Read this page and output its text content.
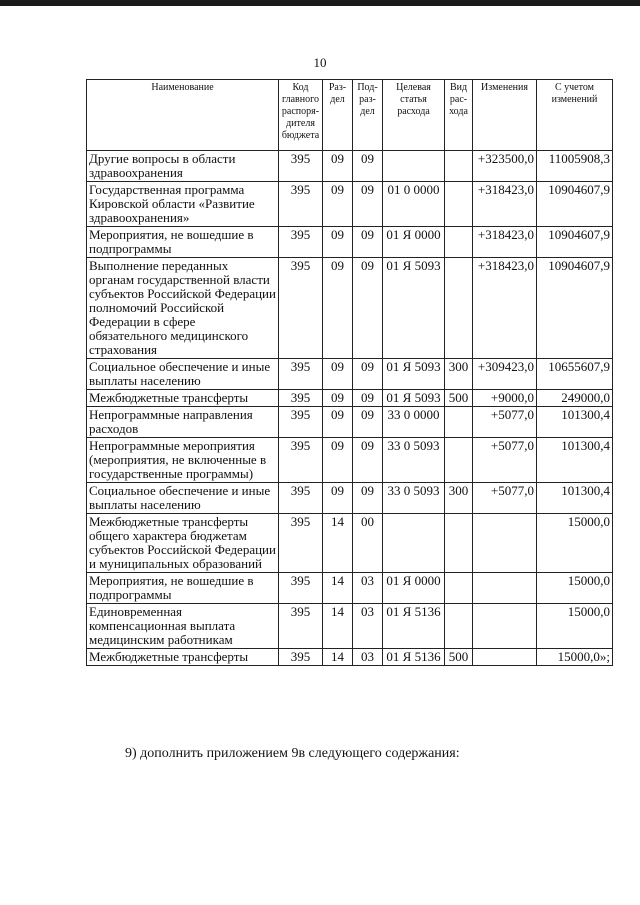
10
Наименование	Код главного распоря-дителя бюджета	Раз-дел	Под-раз-дел	Целевая статья расхода	Вид рас-хода	Изменения	С учетом изменений
Другие вопросы в области здравоохранения	395	09	09			+323500,0	11005908,3
Государственная программа Кировской области «Развитие здравоохранения»	395	09	09	01 0 0000		+318423,0	10904607,9
Мероприятия, не вошедшие в подпрограммы	395	09	09	01 Я 0000		+318423,0	10904607,9
Выполнение переданных органам государственной власти субъектов Российской Федерации полномочий Российской Федерации в сфере обязательного медицинского страхования	395	09	09	01 Я 5093		+318423,0	10904607,9
Социальное обеспечение и иные выплаты населению	395	09	09	01 Я 5093	300	+309423,0	10655607,9
Межбюджетные трансферты	395	09	09	01 Я 5093	500	+9000,0	249000,0
Непрограммные направления расходов	395	09	09	33 0 0000		+5077,0	101300,4
Непрограммные мероприятия (мероприятия, не включенные в государственные программы)	395	09	09	33 0 5093		+5077,0	101300,4
Социальное обеспечение и иные выплаты населению	395	09	09	33 0 5093	300	+5077,0	101300,4
Межбюджетные трансферты общего характера бюджетам субъектов Российской Федерации и муниципальных образований	395	14	00				15000,0
Мероприятия, не вошедшие в подпрограммы	395	14	03	01 Я 0000			15000,0
Единовременная компенсационная выплата медицинским работникам	395	14	03	01 Я 5136			15000,0
Межбюджетные трансферты	395	14	03	01 Я 5136	500		15000,0»;
9) дополнить приложением 9в следующего содержания:
